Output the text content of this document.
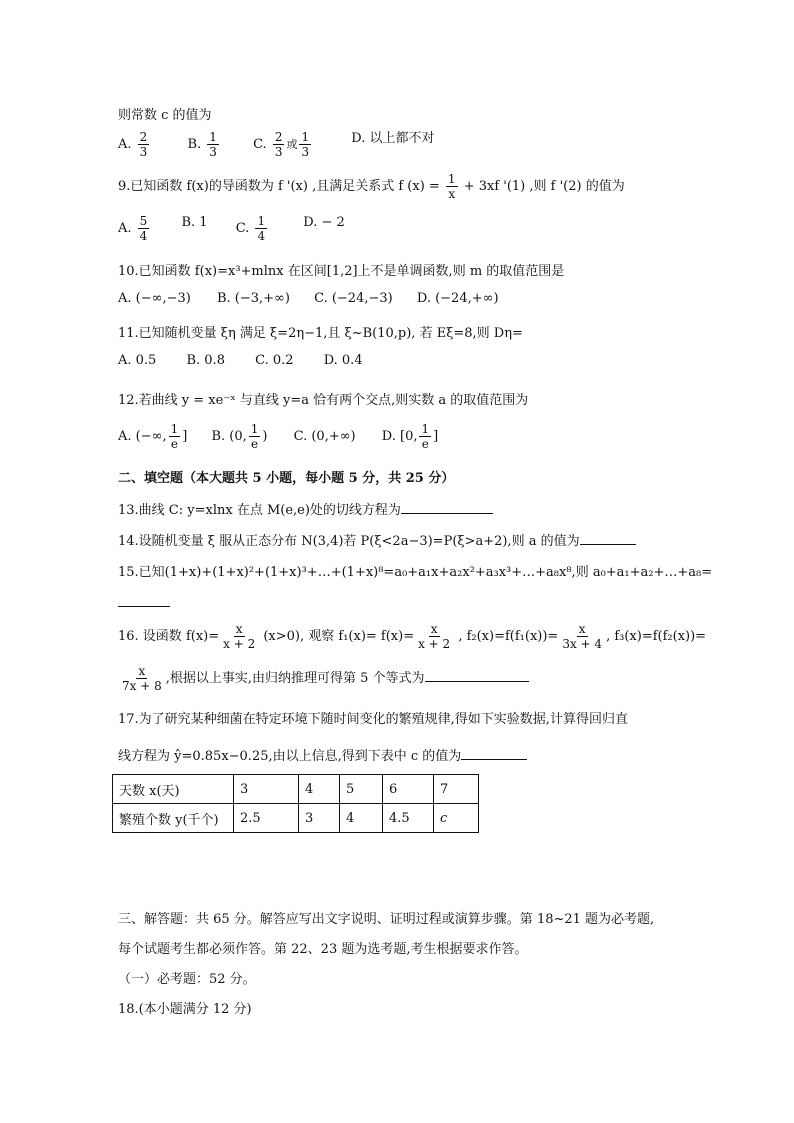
则常数 c 的值为
A. $\frac{2}{3}$	B. $\frac{1}{3}$	C. $\frac{2}{3}$ 或 $\frac{1}{3}$	D. 以上都不对
9.已知函数 f(x)的导函数为 f '(x) ,且满足关系式 f $(x) = \frac{1}{x} + 3xf$ '(1) ,则 f '(2) 的值为
A. $\frac{5}{4} B$. 1 C. $\frac{1}{4}$	D. − 2
10.已知函数 f(x)=x³+mlnx 在区间[1,2]上不是单调函数,则 m 的取值范围是
A. (−∞,−3) B. (−3,+∞) C. (−24,−3) D. (−24,+∞)
11.已知随机变量 ξη 满足 ξ=2η−1,且 ξ~B(10,p), 若 Eξ=8,则 Dη=
A. 0.5 B. 0.8 C. 0.2 D. 0.4
12.若曲线 y = xe⁻ˣ 与直线 y=a 恰有两个交点,则实数 a 的取值范围为
A. (−∞, $\frac{1}{e}$ ] B. (0, $\frac{1}{e}$ ) C. (0,+∞) D. [0, $\frac{1}{e}$ ]
二、填空题（本大题共 5 小题，每小题 5 分，共 25 分）
13.曲线 C: y=xlnx 在点 M(e,e)处的切线方程为
14.设随机变量 ξ 服从正态分布 N(3,4)若 P(ξ<2a−3)=P(ξ>a+2),则 a 的值为
15.已知(1+x)+(1+x)²+(1+x)³+…+(1+x)⁸=a₀+a₁x+a₂x²+a₃x³+…+a₈x⁸,则 a₀+a₁+a₂+…+a₈=
16. 设函数 $f(x)= \frac{x}{x + 2} (x>0)$, 观察 $f_1(x)= f(x)= \frac{x}{x + 2}$ , $f_2(x)=f(f_1(x))= \frac{x}{3x + 4}$ , f₃(x)=f(f₂(x))=
$\frac{x}{7x + 8}$ ,根据以上事实,由归纳推理可得第 5 个等式为
17.为了研究某种细菌在特定环境下随时间变化的繁殖规律,得如下实验数据,计算得回归直
线方程为 ŷ=0.85x−0.25,由以上信息,得到下表中 c 的值为
天数 x(天)	3	4	5	6	7
繁殖个数 y(千个)	2.5	3	4	4.5	c
三、解答题：共 65 分。解答应写出文字说明、证明过程或演算步骤。第 18~21 题为必考题,
每个试题考生都必须作答。第 22、23 题为选考题,考生根据要求作答。
（一）必考题：52 分。
18.(本小题满分 12 分)
